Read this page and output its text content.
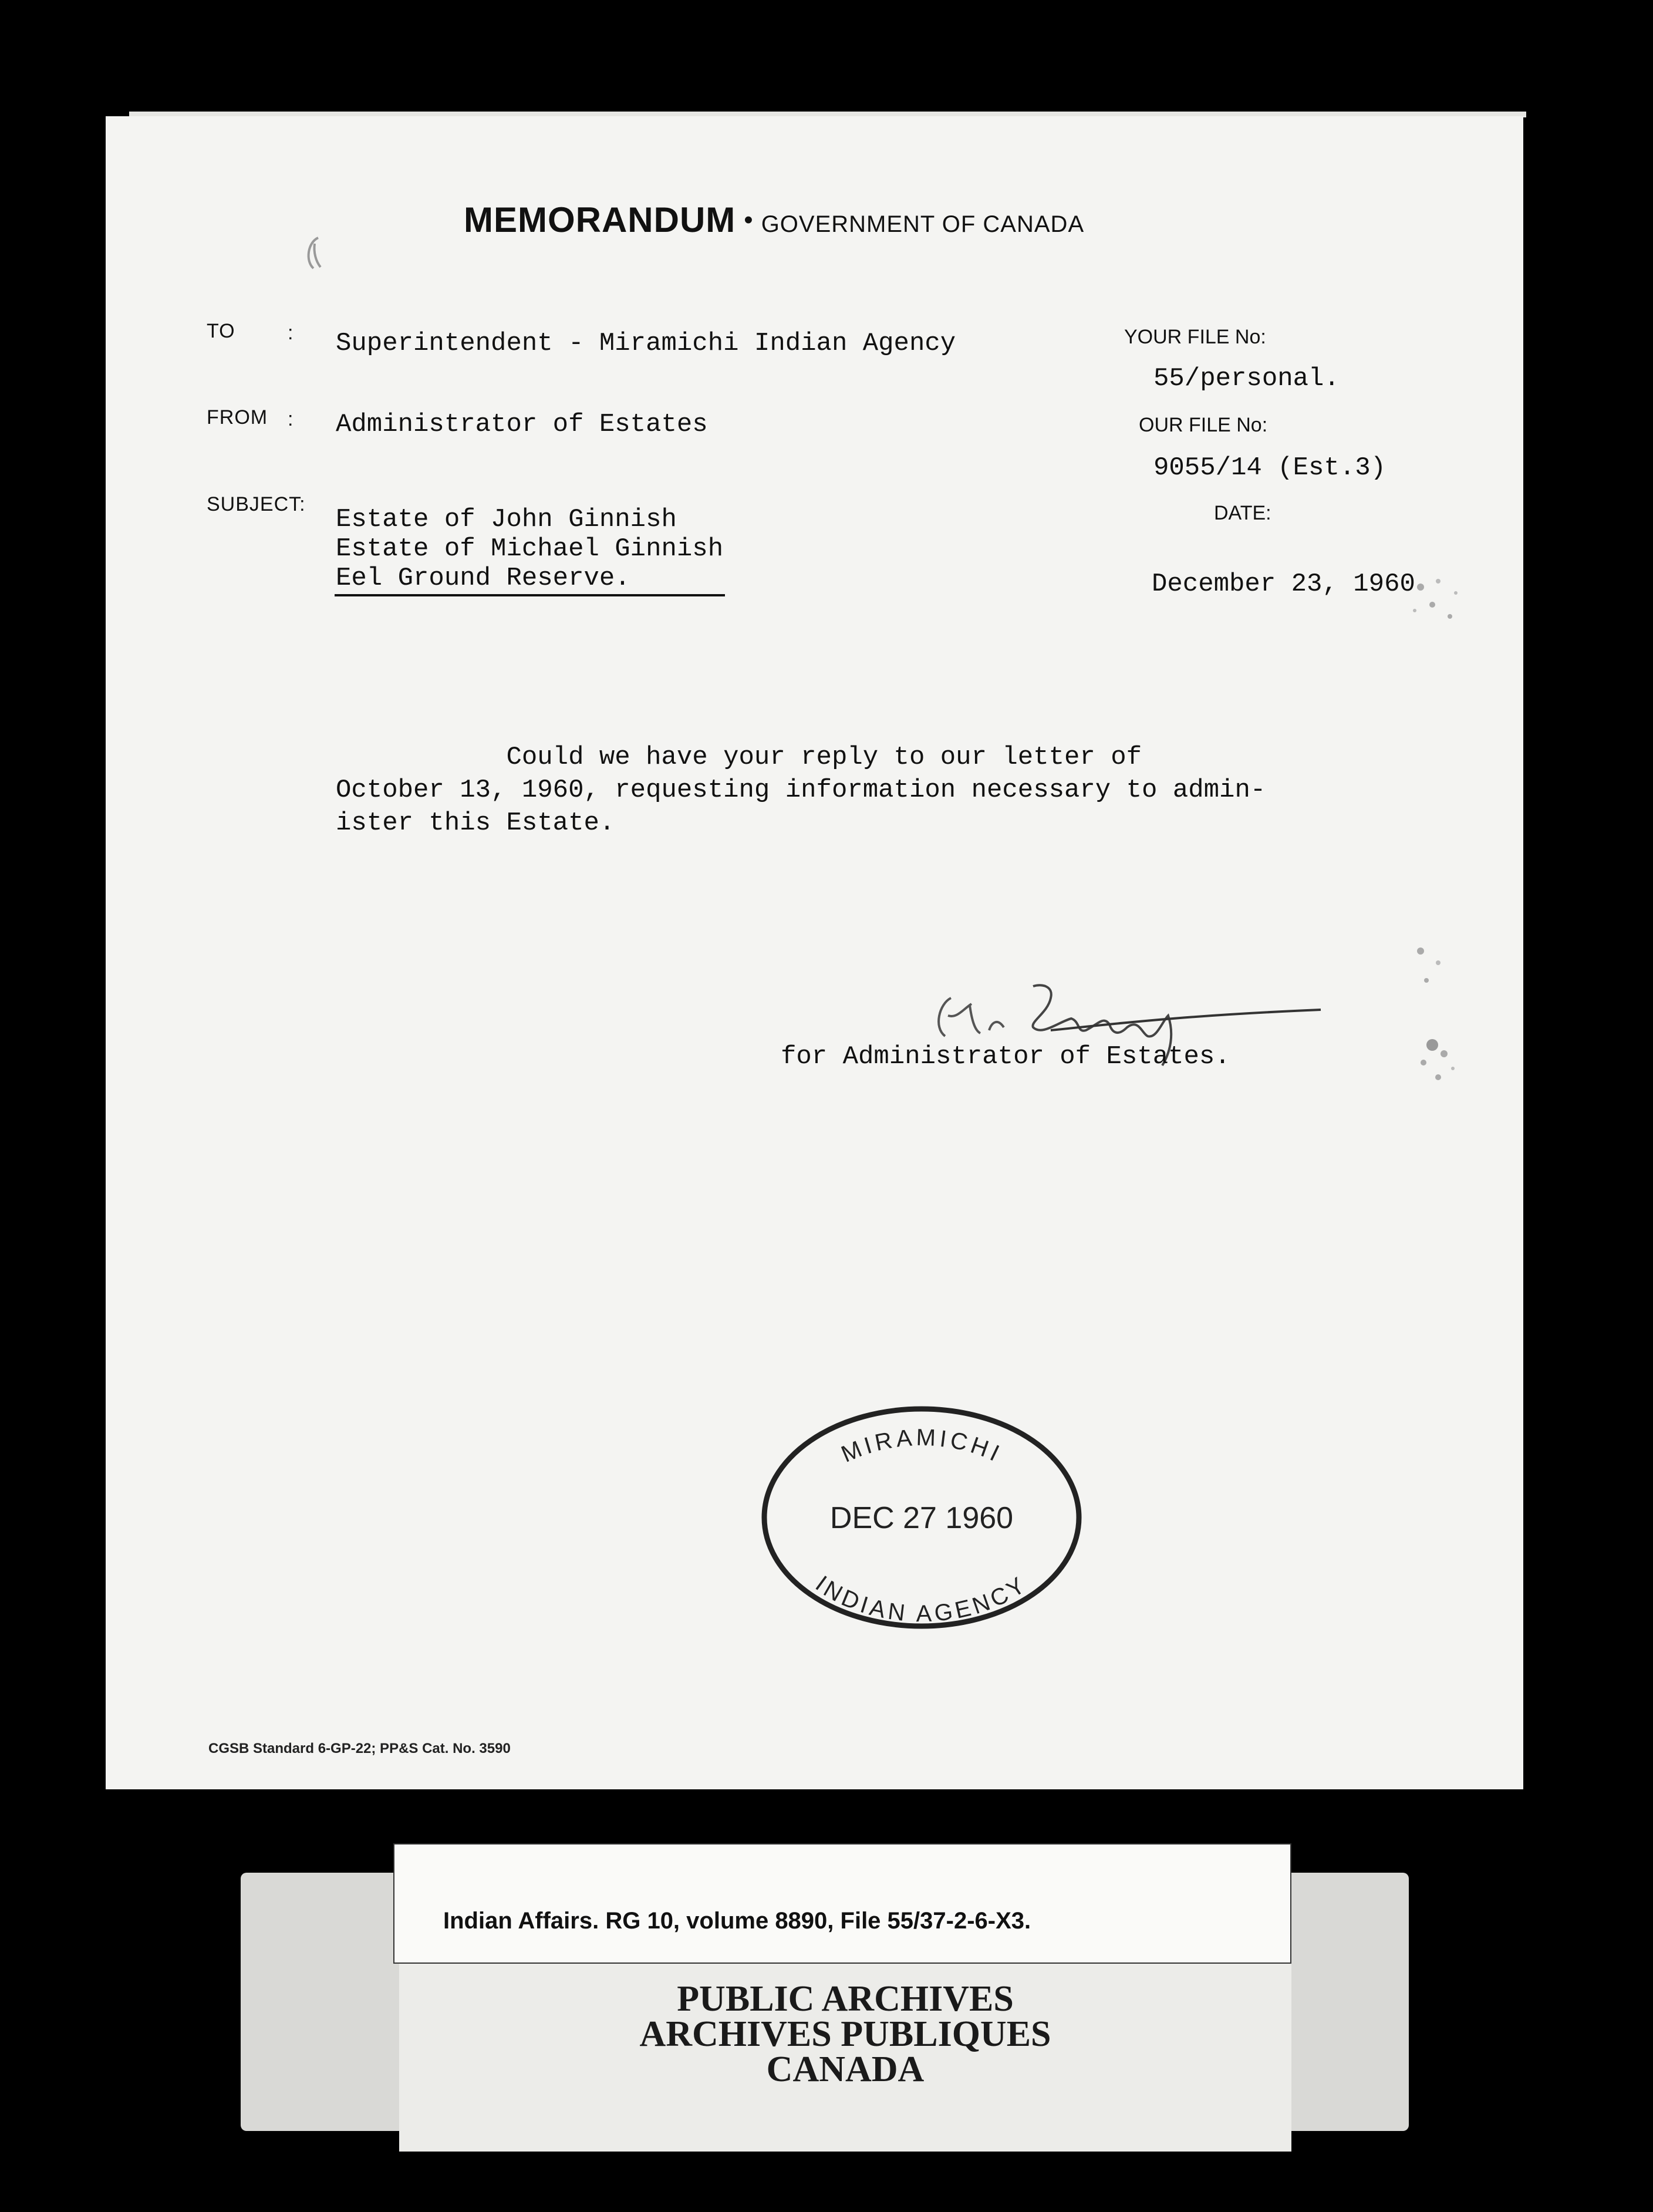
MEMORANDUM • GOVERNMENT OF CANADA
TO	: Superintendent - Miramichi Indian Agency
FROM : Administrator of Estates
SUBJECT:
Estate of John Ginnish
Estate of Michael Ginnish
Eel Ground Reserve.
YOUR FILE No:
55/personal.
OUR FILE No:
9055/14 (Est.3)
DATE:
December 23, 1960
Could we have your reply to our letter of
October 13, 1960, requesting information necessary to admin-
ister this Estate.
for Administrator of Estates.
MIRAMICHI
DEC 27 1960
INDIAN AGENCY
CGSB Standard 6-GP-22; PP&S Cat. No. 3590
Indian Affairs. RG 10, volume 8890, File 55/37-2-6-X3.
PUBLIC ARCHIVES
ARCHIVES PUBLIQUES
CANADA
